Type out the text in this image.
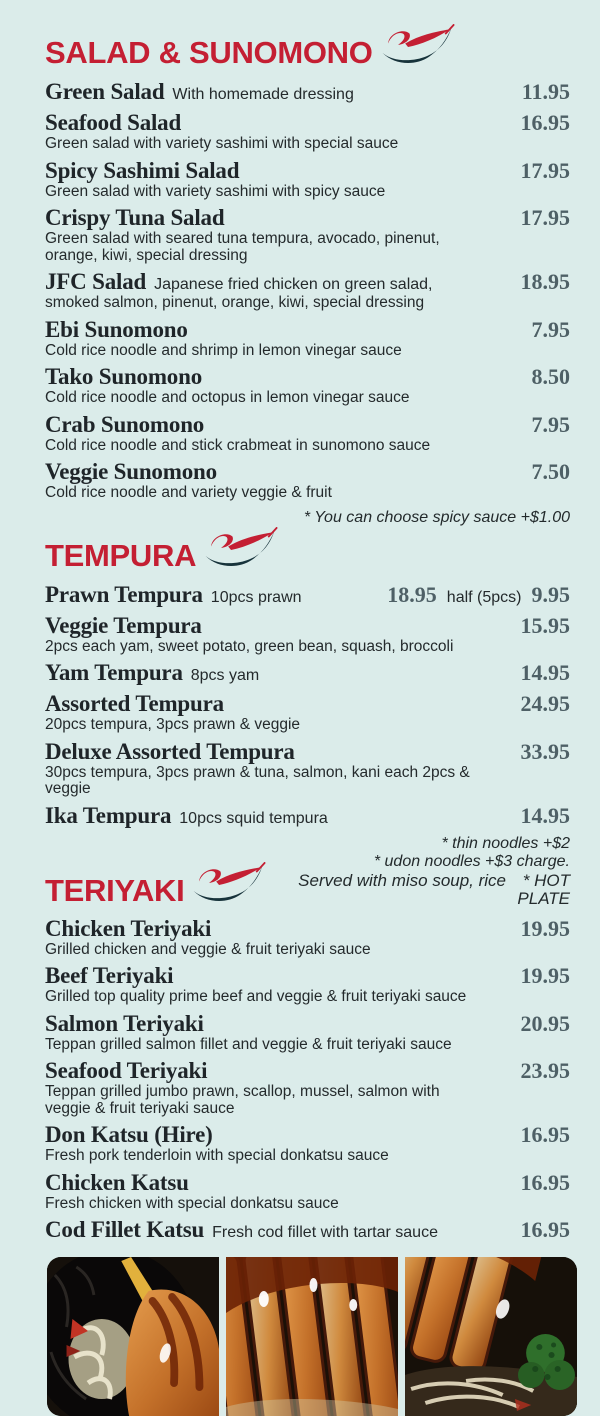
SALAD & SUNOMONO
Green Salad With homemade dressing	11.95
Seafood Salad	16.95
Green salad with variety sashimi with special sauce
Spicy Sashimi Salad	17.95
Green salad with variety sashimi with spicy sauce
Crispy Tuna Salad	17.95
Green salad with seared tuna tempura, avocado, pinenut,
orange, kiwi, special dressing
JFC Salad Japanese fried chicken on green salad,	18.95
smoked salmon, pinenut, orange, kiwi, special dressing
Ebi Sunomono	7.95
Cold rice noodle and shrimp in lemon vinegar sauce
Tako Sunomono	8.50
Cold rice noodle and octopus in lemon vinegar sauce
Crab Sunomono	7.95
Cold rice noodle and stick crabmeat in sunomono sauce
Veggie Sunomono	7.50
Cold rice noodle and variety veggie & fruit
* You can choose spicy sauce +$1.00
TEMPURA
Prawn Tempura 10pcs prawn	18.95 half (5pcs) 9.95
Veggie Tempura	15.95
2pcs each yam, sweet potato, green bean, squash, broccoli
Yam Tempura 8pcs yam	14.95
Assorted Tempura	24.95
20pcs tempura, 3pcs prawn & veggie
Deluxe Assorted Tempura	33.95
30pcs tempura, 3pcs prawn & tuna, salmon, kani each 2pcs & veggie
Ika Tempura 10pcs squid tempura	14.95
TERIYAKI
* thin noodles +$2
* udon noodles +$3 charge.
Served with miso soup, rice * HOT PLATE
Chicken Teriyaki	19.95
Grilled chicken and veggie & fruit teriyaki sauce
Beef Teriyaki	19.95
Grilled top quality prime beef and veggie & fruit teriyaki sauce
Salmon Teriyaki	20.95
Teppan grilled salmon fillet and veggie & fruit teriyaki sauce
Seafood Teriyaki	23.95
Teppan grilled jumbo prawn, scallop, mussel, salmon with
veggie & fruit teriyaki sauce
Don Katsu (Hire)	16.95
Fresh pork tenderloin with special donkatsu sauce
Chicken Katsu	16.95
Fresh chicken with special donkatsu sauce
Cod Fillet Katsu Fresh cod fillet with tartar sauce	16.95
